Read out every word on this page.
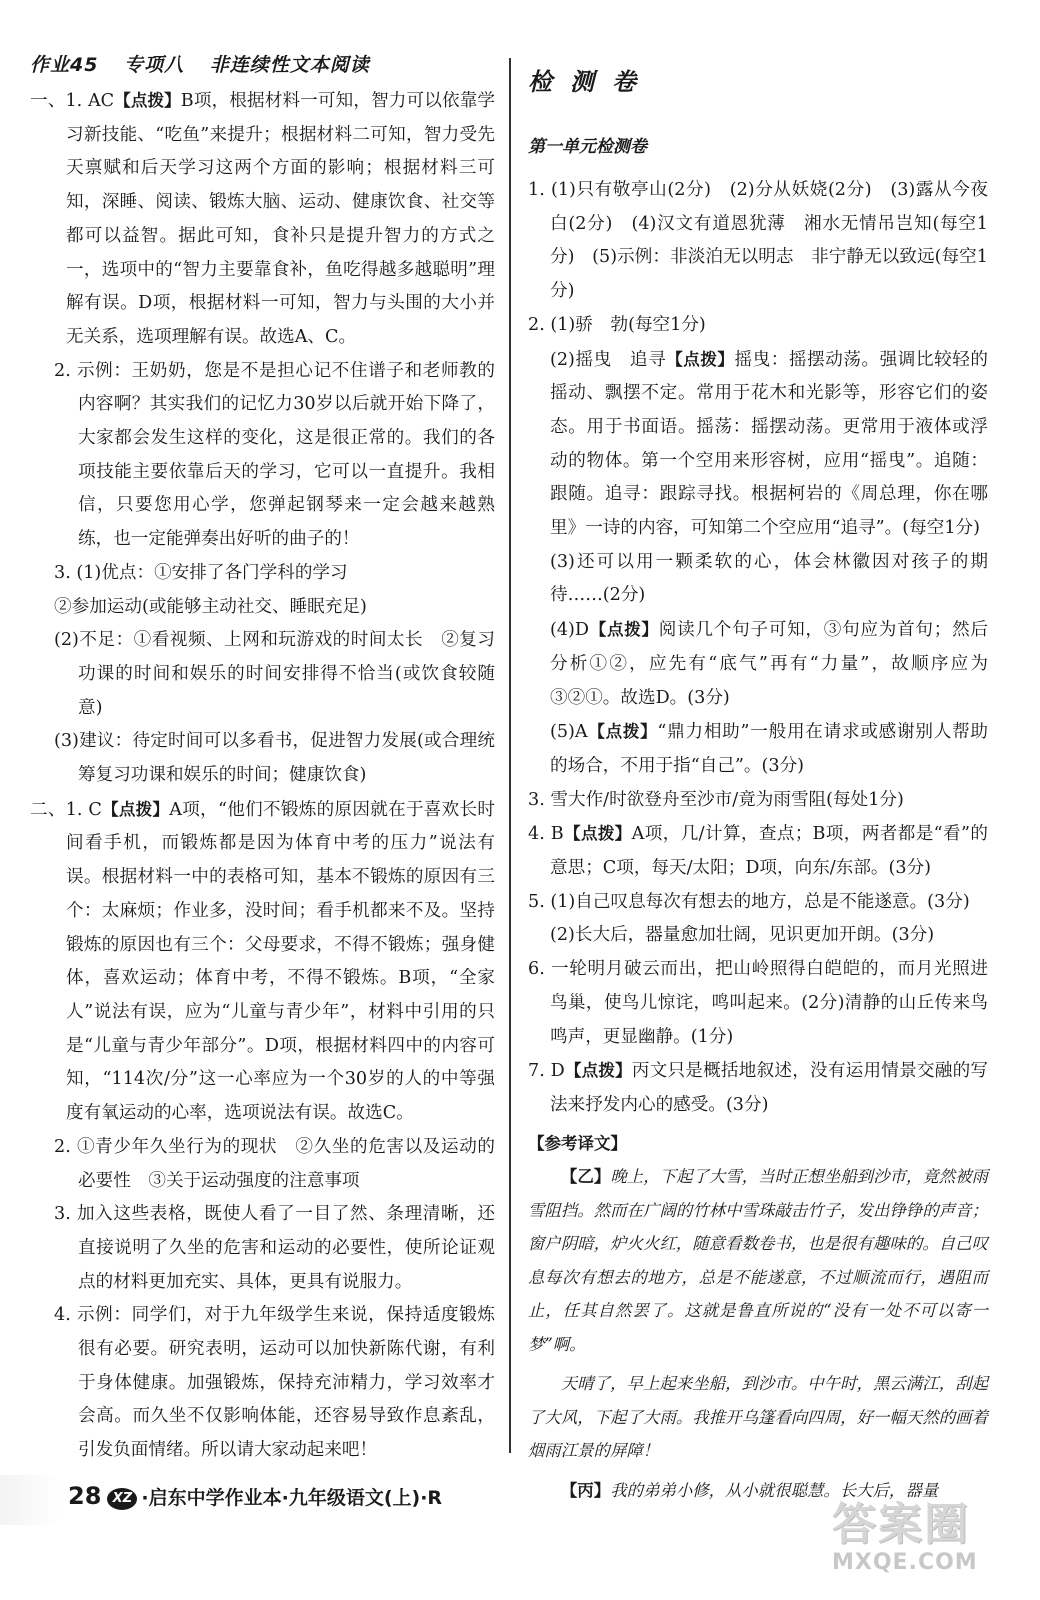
作业45 专项八 非连续性文本阅读

一、1. AC【点拨】B项，根据材料一可知，智力可以依靠学习新技能、“吃鱼”来提升；根据材料二可知，智力受先天禀赋和后天学习这两个方面的影响；根据材料三可知，深睡、阅读、锻炼大脑、运动、健康饮食、社交等都可以益智。据此可知，食补只是提升智力的方式之一，选项中的“智力主要靠食补，鱼吃得越多越聪明”理解有误。D项，根据材料一可知，智力与头围的大小并无关系，选项理解有误。故选A、C。

2. 示例：王奶奶，您是不是担心记不住谱子和老师教的内容啊？其实我们的记忆力30岁以后就开始下降了，大家都会发生这样的变化，这是很正常的。我们的各项技能主要依靠后天的学习，它可以一直提升。我相信，只要您用心学，您弹起钢琴来一定会越来越熟练，也一定能弹奏出好听的曲子的！

3. (1)优点：①安排了各门学科的学习

②参加运动(或能够主动社交、睡眠充足)

(2)不足：①看视频、上网和玩游戏的时间太长　②复习功课的时间和娱乐的时间安排得不恰当(或饮食较随意)

(3)建议：待定时间可以多看书，促进智力发展(或合理统筹复习功课和娱乐的时间；健康饮食)

二、1. C【点拨】A项，“他们不锻炼的原因就在于喜欢长时间看手机，而锻炼都是因为体育中考的压力”说法有误。根据材料一中的表格可知，基本不锻炼的原因有三个：太麻烦；作业多，没时间；看手机都来不及。坚持锻炼的原因也有三个：父母要求，不得不锻炼；强身健体，喜欢运动；体育中考，不得不锻炼。B项，“全家人”说法有误，应为“儿童与青少年”，材料中引用的只是“儿童与青少年部分”。D项，根据材料四中的内容可知，“114次/分”这一心率应为一个30岁的人的中等强度有氧运动的心率，选项说法有误。故选C。

2. ①青少年久坐行为的现状　②久坐的危害以及运动的必要性　③关于运动强度的注意事项

3. 加入这些表格，既使人看了一目了然、条理清晰，还直接说明了久坐的危害和运动的必要性，使所论证观点的材料更加充实、具体，更具有说服力。

4. 示例：同学们，对于九年级学生来说，保持适度锻炼很有必要。研究表明，运动可以加快新陈代谢，有利于身体健康。加强锻炼，保持充沛精力，学习效率才会高。而久坐不仅影响体能，还容易导致作息紊乱，引发负面情绪。所以请大家动起来吧！

检测卷
第一单元检测卷

1. (1)只有敬亭山(2分)　(2)分从妖娆(2分)　(3)露从今夜白(2分)　(4)汉文有道恩犹薄　湘水无情吊岂知(每空1分)　(5)示例：非淡泊无以明志　非宁静无以致远(每空1分)

2. (1)骄　勃(每空1分)

(2)摇曳　追寻【点拨】摇曳：摇摆动荡。强调比较轻的摇动、飘摆不定。常用于花木和光影等，形容它们的姿态。用于书面语。摇荡：摇摆动荡。更常用于液体或浮动的物体。第一个空用来形容树，应用“摇曳”。追随：跟随。追寻：跟踪寻找。根据柯岩的《周总理，你在哪里》一诗的内容，可知第二个空应用“追寻”。(每空1分)

(3)还可以用一颗柔软的心，体会林徽因对孩子的期待……(2分)

(4)D【点拨】阅读几个句子可知，③句应为首句；然后分析①②，应先有“底气”再有“力量”，故顺序应为③②①。故选D。(3分)

(5)A【点拨】“鼎力相助”一般用在请求或感谢别人帮助的场合，不用于指“自己”。(3分)

3. 雪大作/时欲登舟至沙市/竟为雨雪阻(每处1分)

4. B【点拨】A项，几/计算，查点；B项，两者都是“看”的意思；C项，每天/太阳；D项，向东/东部。(3分)

5. (1)自己叹息每次有想去的地方，总是不能遂意。(3分)

(2)长大后，器量愈加壮阔，见识更加开朗。(3分)

6. 一轮明月破云而出，把山岭照得白皑皑的，而月光照进鸟巢，使鸟儿惊诧，鸣叫起来。(2分)清静的山丘传来鸟鸣声，更显幽静。(1分)

7. D【点拨】丙文只是概括地叙述，没有运用情景交融的写法来抒发内心的感受。(3分)

【参考译文】

【乙】晚上，下起了大雪，当时正想坐船到沙市，竟然被雨雪阻挡。然而在广阔的竹林中雪珠敲击竹子，发出铮铮的声音；窗户阴暗，炉火火红，随意看数卷书，也是很有趣味的。自己叹息每次有想去的地方，总是不能遂意，不过顺流而行，遇阻而止，任其自然罢了。这就是鲁直所说的“没有一处不可以寄一梦”啊。

天晴了，早上起来坐船，到沙市。中午时，黑云满江，刮起了大风，下起了大雨。我推开乌篷看向四周，好一幅天然的画着烟雨江景的屏障！

【丙】我的弟弟小修，从小就很聪慧。长大后，器量

28 XZ ·启东中学作业本·九年级语文(上)·R
答案圈
MXQE.COM
